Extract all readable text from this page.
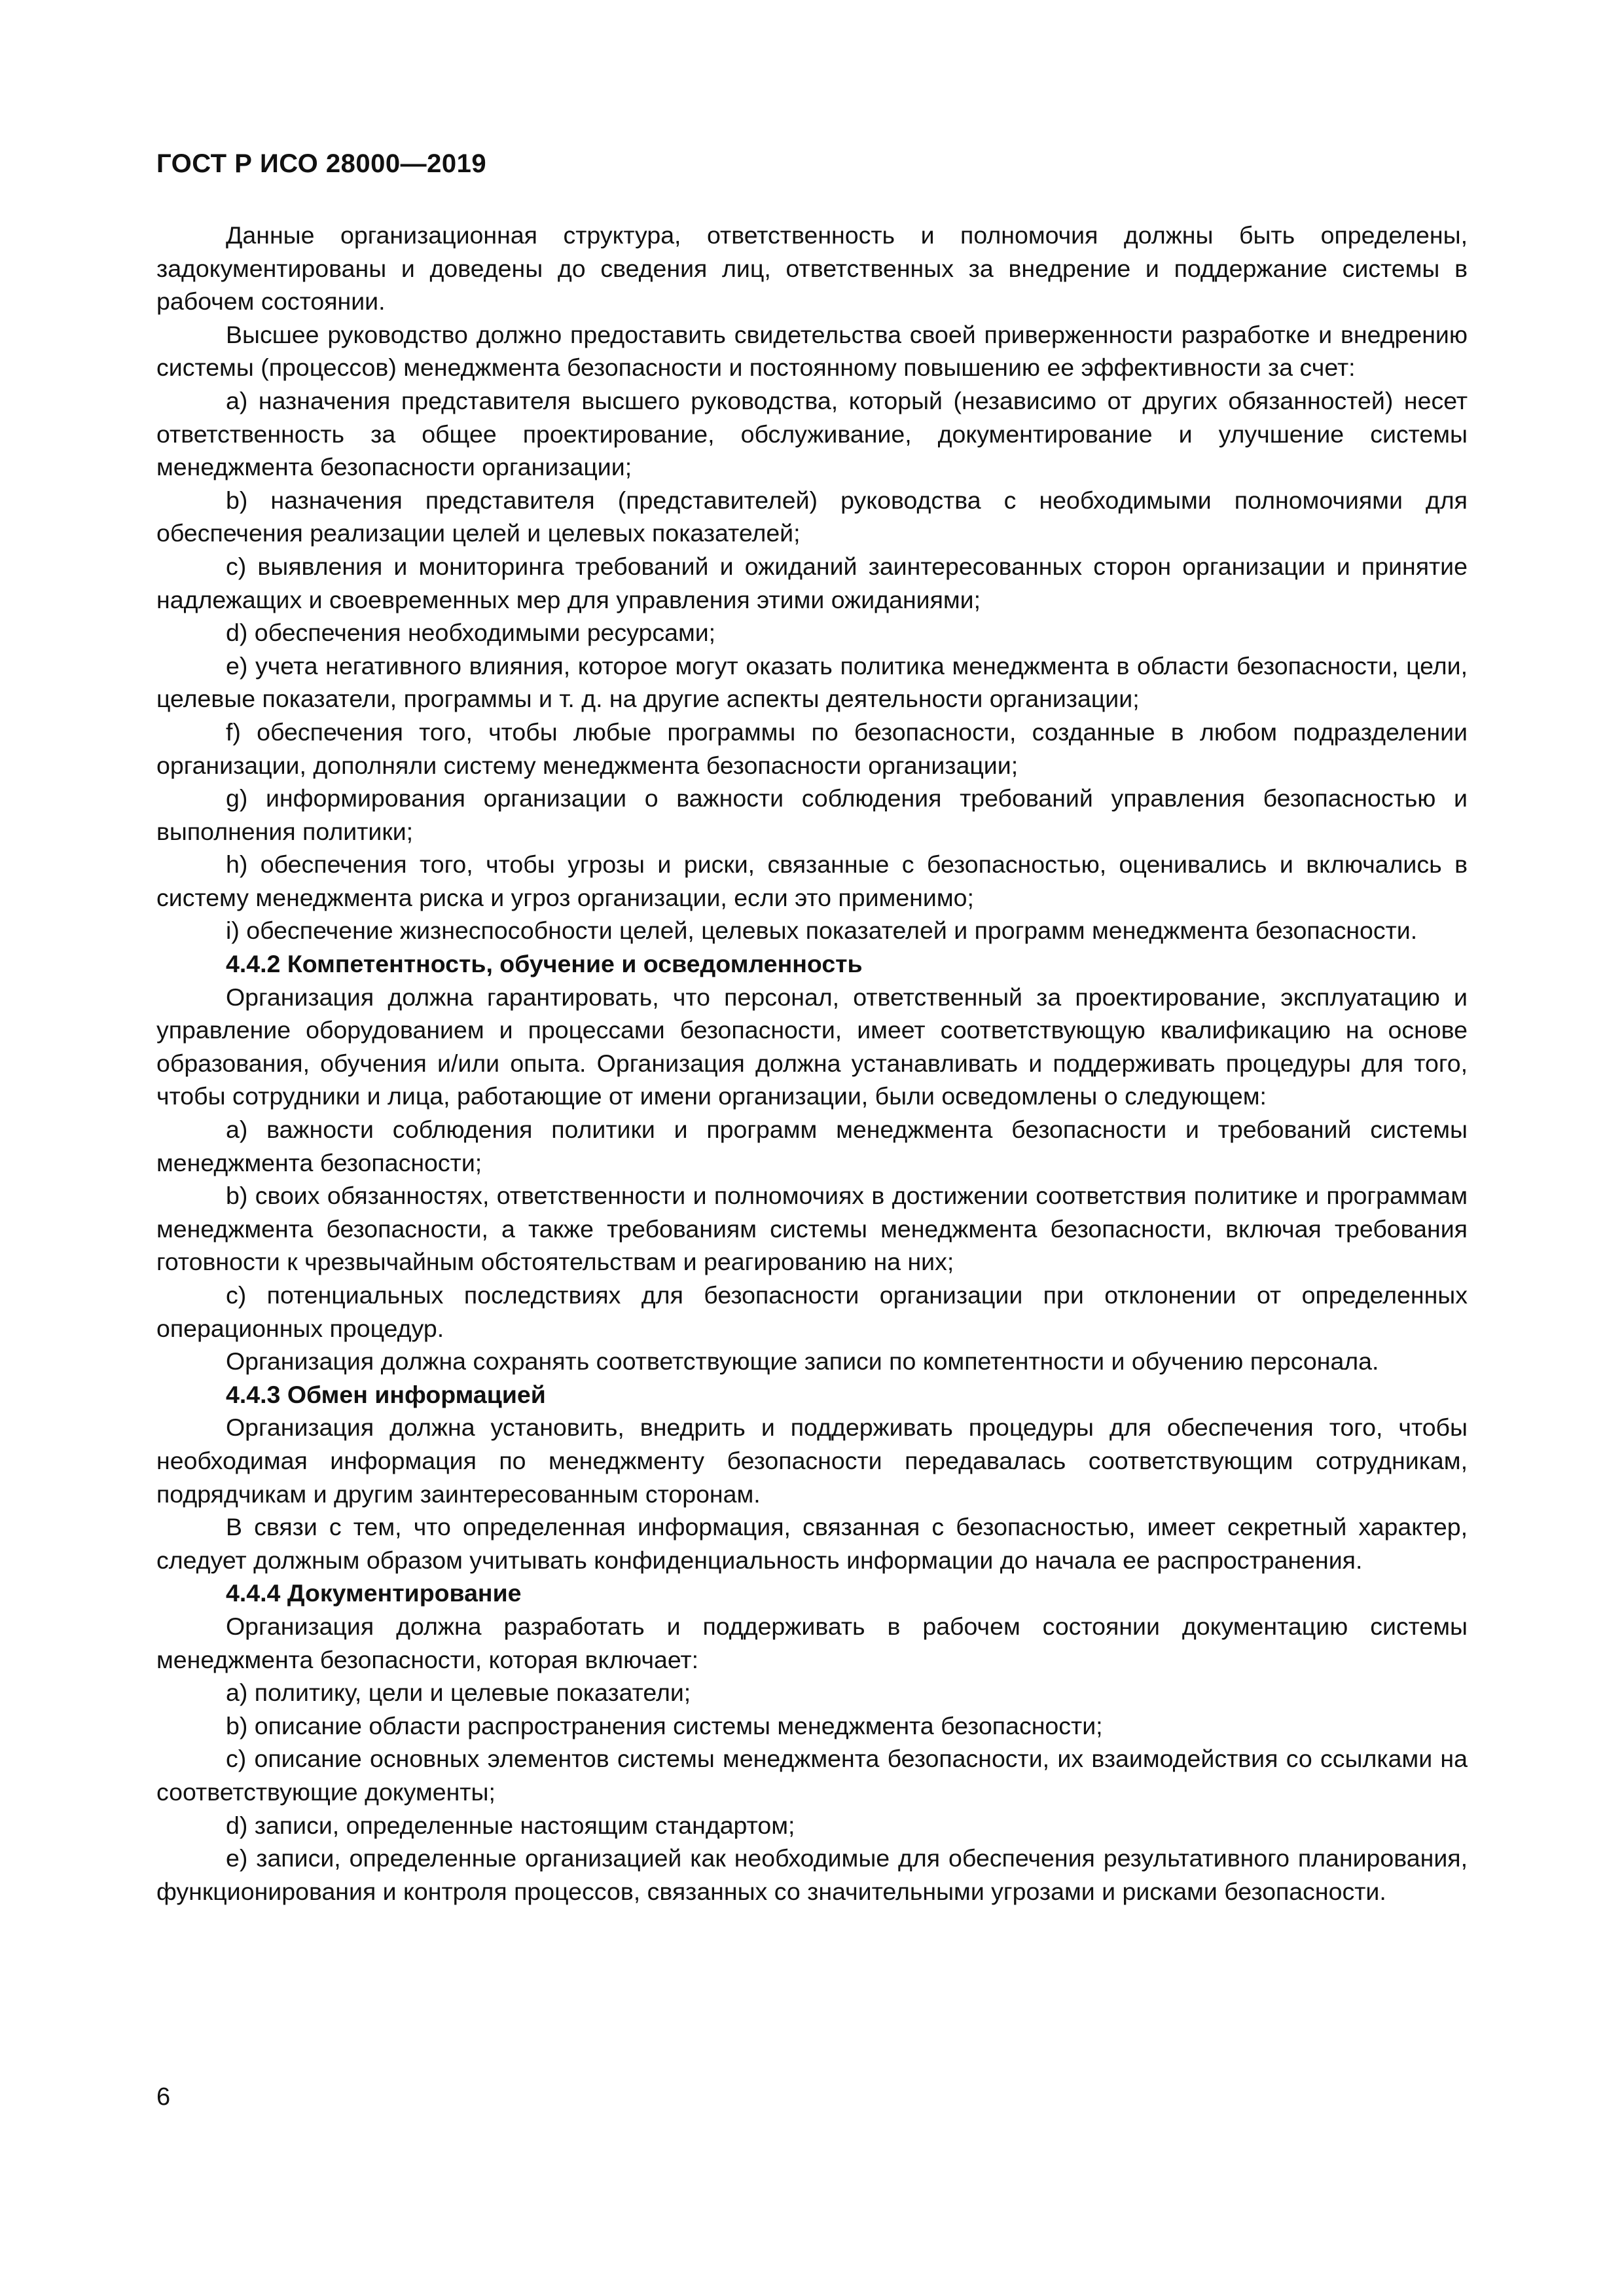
ГОСТ Р ИСО 28000—2019

Данные организационная структура, ответственность и полномочия должны быть определены, задокументированы и доведены до сведения лиц, ответственных за внедрение и поддержание системы в рабочем состоянии.

Высшее руководство должно предоставить свидетельства своей приверженности разработке и внедрению системы (процессов) менеджмента безопасности и постоянному повышению ее эффективности за счет:

а) назначения представителя высшего руководства, который (независимо от других обязанностей) несет ответственность за общее проектирование, обслуживание, документирование и улучшение системы менеджмента безопасности организации;

b) назначения представителя (представителей) руководства с необходимыми полномочиями для обеспечения реализации целей и целевых показателей;

c) выявления и мониторинга требований и ожиданий заинтересованных сторон организации и принятие надлежащих и своевременных мер для управления этими ожиданиями;

d) обеспечения необходимыми ресурсами;

e) учета негативного влияния, которое могут оказать политика менеджмента в области безопасности, цели, целевые показатели, программы и т. д. на другие аспекты деятельности организации;

f) обеспечения того, чтобы любые программы по безопасности, созданные в любом подразделении организации, дополняли систему менеджмента безопасности организации;

g) информирования организации о важности соблюдения требований управления безопасностью и выполнения политики;

h) обеспечения того, чтобы угрозы и риски, связанные с безопасностью, оценивались и включались в систему менеджмента риска и угроз организации, если это применимо;

i) обеспечение жизнеспособности целей, целевых показателей и программ менеджмента безопасности.

4.4.2 Компетентность, обучение и осведомленность

Организация должна гарантировать, что персонал, ответственный за проектирование, эксплуатацию и управление оборудованием и процессами безопасности, имеет соответствующую квалификацию на основе образования, обучения и/или опыта. Организация должна устанавливать и поддерживать процедуры для того, чтобы сотрудники и лица, работающие от имени организации, были осведомлены о следующем:

a) важности соблюдения политики и программ менеджмента безопасности и требований системы менеджмента безопасности;

b) своих обязанностях, ответственности и полномочиях в достижении соответствия политике и программам менеджмента безопасности, а также требованиям системы менеджмента безопасности, включая требования готовности к чрезвычайным обстоятельствам и реагированию на них;

c) потенциальных последствиях для безопасности организации при отклонении от определенных операционных процедур.

Организация должна сохранять соответствующие записи по компетентности и обучению персонала.

4.4.3 Обмен информацией

Организация должна установить, внедрить и поддерживать процедуры для обеспечения того, чтобы необходимая информация по менеджменту безопасности передавалась соответствующим сотрудникам, подрядчикам и другим заинтересованным сторонам.

В связи с тем, что определенная информация, связанная с безопасностью, имеет секретный характер, следует должным образом учитывать конфиденциальность информации до начала ее распространения.

4.4.4 Документирование

Организация должна разработать и поддерживать в рабочем состоянии документацию системы менеджмента безопасности, которая включает:

a) политику, цели и целевые показатели;

b) описание области распространения системы менеджмента безопасности;

c) описание основных элементов системы менеджмента безопасности, их взаимодействия со ссылками на соответствующие документы;

d) записи, определенные настоящим стандартом;

e) записи, определенные организацией как необходимые для обеспечения результативного планирования, функционирования и контроля процессов, связанных со значительными угрозами и рисками безопасности.

6
